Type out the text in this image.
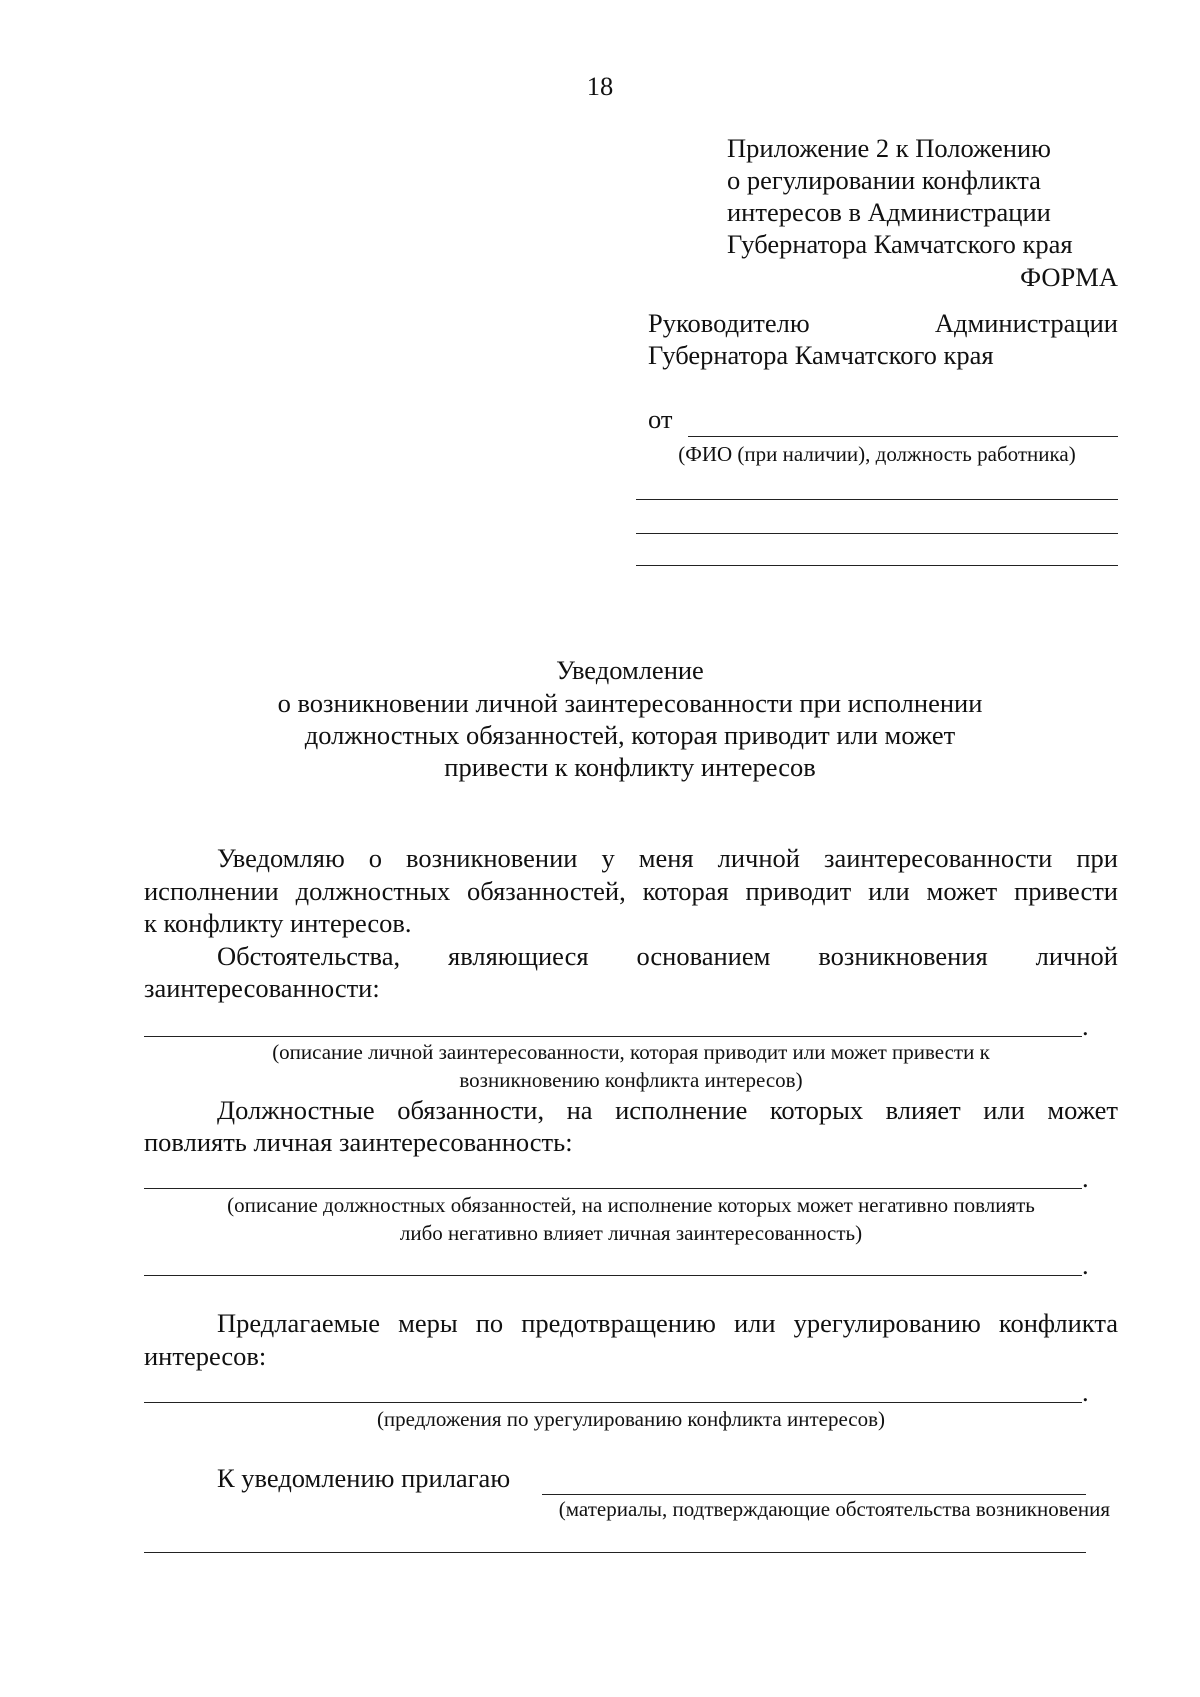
18
Приложение 2 к Положению
о регулировании конфликта
интересов в Администрации
Губернатора Камчатского края
ФОРМА
Руководителю	Администрации
Губернатора Камчатского края
от
(ФИО (при наличии), должность работника)
Уведомление
о возникновении личной заинтересованности при исполнении
должностных обязанностей, которая приводит или может
привести к конфликту интересов
Уведомляю о возникновении у меня личной заинтересованности при
исполнении должностных обязанностей, которая приводит или может привести
к конфликту интересов.
Обстоятельства, являющиеся основанием возникновения личной
заинтересованности:
.
(описание личной заинтересованности, которая приводит или может привести к
возникновению конфликта интересов)
Должностные обязанности, на исполнение которых влияет или может
повлиять личная заинтересованность:
.
(описание должностных обязанностей, на исполнение которых может негативно повлиять
либо негативно влияет личная заинтересованность)
.
Предлагаемые меры по предотвращению или урегулированию конфликта
интересов:
.
(предложения по урегулированию конфликта интересов)
К уведомлению прилагаю
(материалы, подтверждающие обстоятельства возникновения
